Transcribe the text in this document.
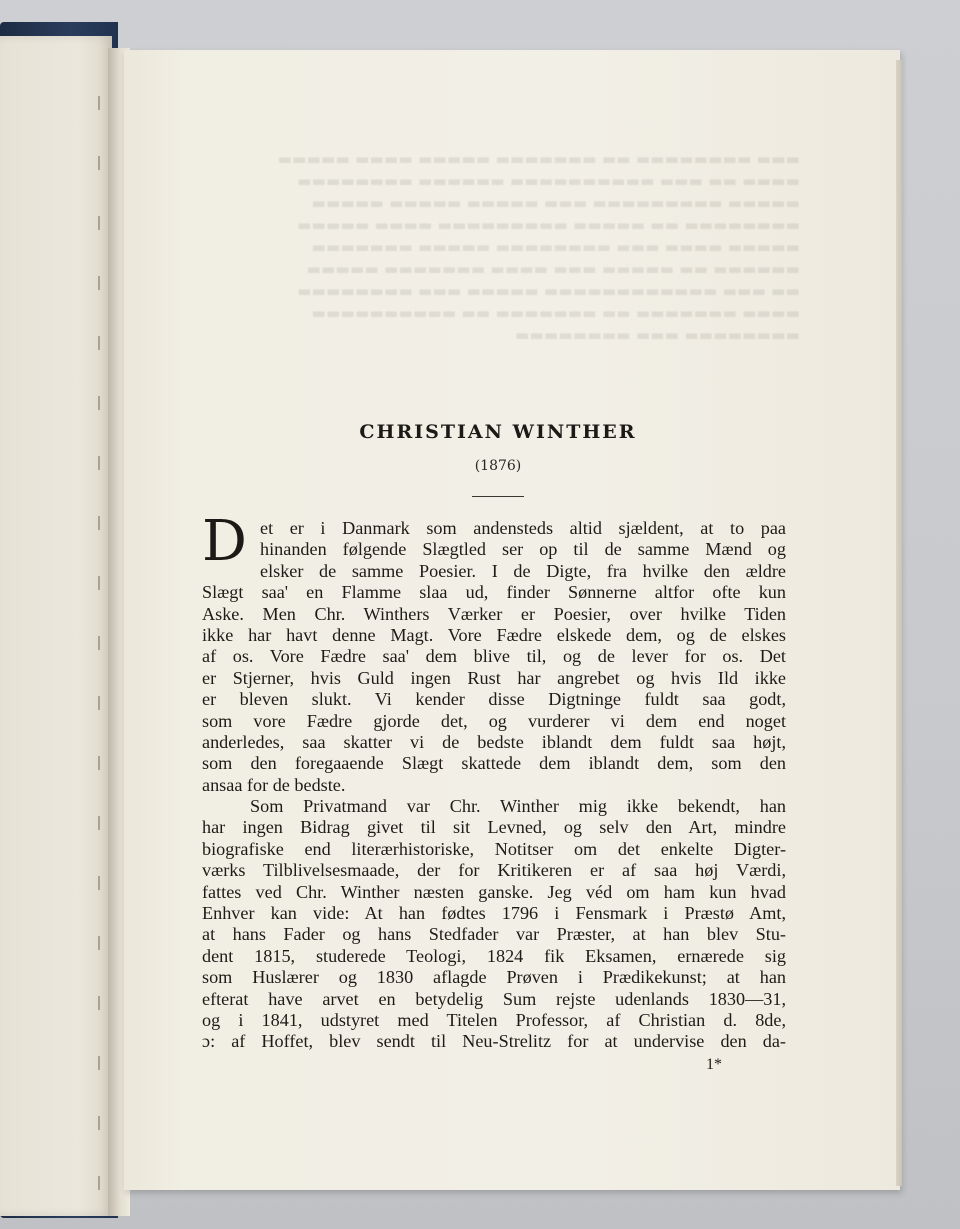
▬▬▬ ▬▬▬▬▬▬▬▬ ▬▬ ▬▬▬▬▬▬▬ ▬▬▬▬▬ ▬▬▬▬ ▬▬▬▬▬
▬▬▬▬ ▬▬ ▬▬▬ ▬▬▬▬▬▬▬▬▬▬ ▬▬▬▬▬▬ ▬▬▬▬▬▬▬▬
▬▬▬▬▬ ▬▬▬▬▬▬▬▬▬ ▬▬▬ ▬▬▬▬▬ ▬▬▬▬▬ ▬▬▬▬▬
▬▬▬▬▬▬▬▬ ▬▬ ▬▬▬▬▬ ▬▬▬▬▬▬▬▬▬ ▬▬▬▬ ▬▬▬▬▬
▬▬▬▬▬ ▬▬▬▬ ▬▬▬ ▬▬▬▬▬▬▬▬ ▬▬▬▬▬ ▬▬▬▬▬▬▬
▬▬▬▬▬▬ ▬▬ ▬▬▬▬▬ ▬▬▬ ▬▬▬▬ ▬▬▬▬▬▬▬ ▬▬▬▬▬
▬▬ ▬▬▬ ▬▬▬▬▬▬▬▬▬▬▬▬ ▬▬▬▬▬ ▬▬▬ ▬▬▬▬▬▬▬▬
▬▬▬▬ ▬▬▬▬▬▬▬ ▬▬ ▬▬▬▬▬▬▬ ▬▬ ▬▬▬▬▬▬▬▬▬▬
▬▬▬▬▬▬▬▬ ▬▬▬ ▬▬▬▬▬▬▬▬
CHRISTIAN WINTHER
(1876)
D et er i Danmark som andensteds altid sjældent, at to paa
hinanden følgende Slægtled ser op til de samme Mænd og
elsker de samme Poesier. I de Digte, fra hvilke den ældre
Slægt saa' en Flamme slaa ud, finder Sønnerne altfor ofte kun
Aske. Men Chr. Winthers Værker er Poesier, over hvilke Tiden
ikke har havt denne Magt. Vore Fædre elskede dem, og de elskes
af os. Vore Fædre saa' dem blive til, og de lever for os. Det
er Stjerner, hvis Guld ingen Rust har angrebet og hvis Ild ikke
er bleven slukt. Vi kender disse Digtninge fuldt saa godt,
som vore Fædre gjorde det, og vurderer vi dem end noget
anderledes, saa skatter vi de bedste iblandt dem fuldt saa højt,
som den foregaaende Slægt skattede dem iblandt dem, som den
ansaa for de bedste.
Som Privatmand var Chr. Winther mig ikke bekendt, han
har ingen Bidrag givet til sit Levned, og selv den Art, mindre
biografiske end literærhistoriske, Notitser om det enkelte Digter-
værks Tilblivelsesmaade, der for Kritikeren er af saa høj Værdi,
fattes ved Chr. Winther næsten ganske. Jeg véd om ham kun hvad
Enhver kan vide: At han fødtes 1796 i Fensmark i Præstø Amt,
at hans Fader og hans Stedfader var Præster, at han blev Stu-
dent 1815, studerede Teologi, 1824 fik Eksamen, ernærede sig
som Huslærer og 1830 aflagde Prøven i Prædikekunst; at han
efterat have arvet en betydelig Sum rejste udenlands 1830—31,
og i 1841, udstyret med Titelen Professor, af Christian d. 8de,
ɔ: af Hoffet, blev sendt til Neu-Strelitz for at undervise den da-
1*
